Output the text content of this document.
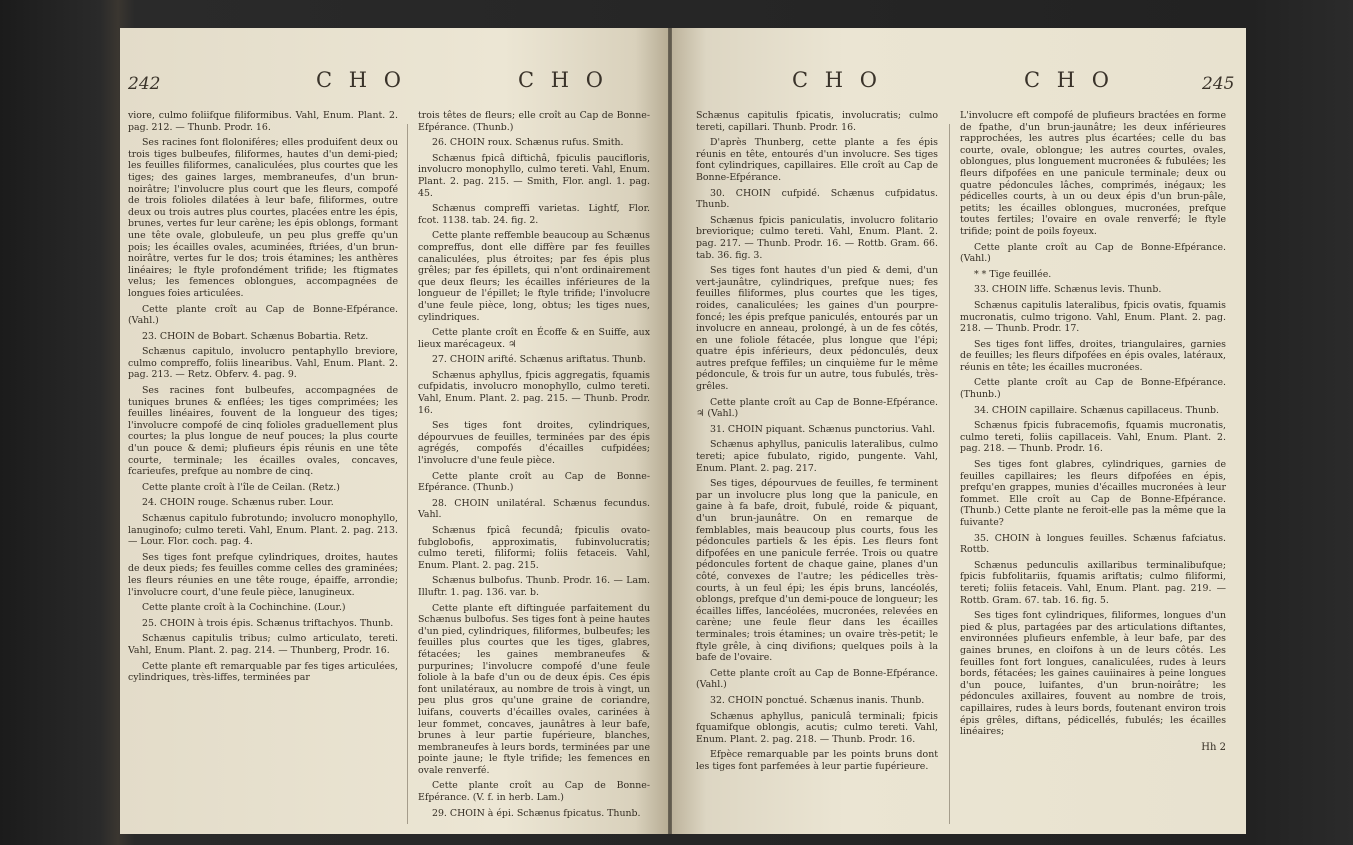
242	C H O	C H O

viore, culmo foliifque filiformibus. Vahl, Enum. Plant. 2. pag. 212. — Thunb. Prodr. 16.

Ses racines font floloniféres; elles produifent deux ou trois tiges bulbeufes, filiformes, hautes d'un demi-pied; les feuilles filiformes, canaliculées, plus courtes que les tiges; des gaines larges, membraneufes, d'un brun-noirâtre; l'involucre plus court que les fleurs, compofé de trois folioles dilatées à leur bafe, filiformes, outre deux ou trois autres plus courtes, placées entre les épis, brunes, vertes fur leur carène; les épis oblongs, formant une tête ovale, globuleufe, un peu plus greffe qu'un pois; les écailles ovales, acuminées, ftriées, d'un brun-noirâtre, vertes fur le dos; trois étamines; les anthères linéaires; le ftyle profondément trifide; les ftigmates velus; les femences oblongues, accompagnées de longues foies articulées.

Cette plante croît au Cap de Bonne-Efpérance. (Vahl.)

23. CHOIN de Bobart. Schænus Bobartia. Retz.

Schænus capitulo, involucro pentaphyllo breviore, culmo compreffo, foliis linearibus. Vahl, Enum. Plant. 2. pag. 213. — Retz. Obferv. 4. pag. 9.

Ses racines font bulbeufes, accompagnées de tuniques brunes & enflées; les tiges comprimées; les feuilles linéaires, fouvent de la longueur des tiges; l'involucre compofé de cinq folioles graduellement plus courtes; la plus longue de neuf pouces; la plus courte d'un pouce & demi; plufieurs épis réunis en une tête courte, terminale; les écailles ovales, concaves, fcarieufes, prefque au nombre de cinq.

Cette plante croît à l'île de Ceilan. (Retz.)

24. CHOIN rouge. Schænus ruber. Lour.

Schænus capitulo fubrotundo; involucro monophyllo, lanuginofo; culmo tereti. Vahl, Enum. Plant. 2. pag. 213. — Lour. Flor. coch. pag. 4.

Ses tiges font prefque cylindriques, droites, hautes de deux pieds; fes feuilles comme celles des graminées; les fleurs réunies en une tête rouge, épaiffe, arrondie; l'involucre court, d'une feule pièce, lanugineux.

Cette plante croît à la Cochinchine. (Lour.)

25. CHOIN à trois épis. Schænus triftachyos. Thunb.

Schænus capitulis tribus; culmo articulato, tereti. Vahl, Enum. Plant. 2. pag. 214. — Thunberg, Prodr. 16.

Cette plante eft remarquable par fes tiges articulées, cylindriques, très-liffes, terminées par

trois têtes de fleurs; elle croît au Cap de Bonne-Efpérance. (Thunb.)

26. CHOIN roux. Schænus rufus. Smith.

Schænus fpicâ diftichâ, fpiculis paucifloris, involucro monophyllo, culmo tereti. Vahl, Enum. Plant. 2. pag. 215. — Smith, Flor. angl. 1. pag. 45.

Schænus compreffi varietas. Lightf, Flor. fcot. 1138. tab. 24. fig. 2.

Cette plante reffemble beaucoup au Schænus compreffus, dont elle diffère par fes feuilles canaliculées, plus étroites; par fes épis plus grêles; par fes épillets, qui n'ont ordinairement que deux fleurs; les écailles inférieures de la longueur de l'épillet; le ftyle trifide; l'involucre d'une feule pièce, long, obtus; les tiges nues, cylindriques.

Cette plante croît en Écoffe & en Suiffe, aux lieux marécageux. ♃

27. CHOIN arifté. Schænus ariftatus. Thunb.

Schænus aphyllus, fpicis aggregatis, fquamis cufpidatis, involucro monophyllo, culmo tereti. Vahl, Enum. Plant. 2. pag. 215. — Thunb. Prodr. 16.

Ses tiges font droites, cylindriques, dépourvues de feuilles, terminées par des épis agrégés, compofés d'écailles cufpidées; l'involucre d'une feule pièce.

Cette plante croît au Cap de Bonne-Efpérance. (Thunb.)

28. CHOIN unilatéral. Schænus fecundus. Vahl.

Schænus fpicâ fecundâ; fpiculis ovato-fubglobofis, approximatis, fubinvolucratis; culmo tereti, filiformi; foliis fetaceis. Vahl, Enum. Plant. 2. pag. 215.

Schænus bulbofus. Thunb. Prodr. 16. — Lam. Illuftr. 1. pag. 136. var. b.

Cette plante eft diftinguée parfaitement du Schænus bulbofus. Ses tiges font à peine hautes d'un pied, cylindriques, filiformes, bulbeufes; les feuilles plus courtes que les tiges, glabres, fétacées; les gaines membraneufes & purpurines; l'involucre compofé d'une feule foliole à la bafe d'un ou de deux épis. Ces épis font unilatéraux, au nombre de trois à vingt, un peu plus gros qu'une graine de coriandre, luifans, couverts d'écailles ovales, carinées à leur fommet, concaves, jaunâtres à leur bafe, brunes à leur partie fupérieure, blanches, membraneufes à leurs bords, terminées par une pointe jaune; le ftyle trifide; les femences en ovale renverfé.

Cette plante croît au Cap de Bonne-Efpérance. (V. f. in herb. Lam.)

29. CHOIN à épi. Schænus fpicatus. Thunb.

C H O	C H O	245

Schænus capitulis fpicatis, involucratis; culmo tereti, capillari. Thunb. Prodr. 16.

D'après Thunberg, cette plante a fes épis réunis en tête, entourés d'un involucre. Ses tiges font cylindriques, capillaires. Elle croît au Cap de Bonne-Efpérance.

30. CHOIN cufpidé. Schænus cufpidatus. Thunb.

Schænus fpicis paniculatis, involucro folitario breviorique; culmo tereti. Vahl, Enum. Plant. 2. pag. 217. — Thunb. Prodr. 16. — Rottb. Gram. 66. tab. 36. fig. 3.

Ses tiges font hautes d'un pied & demi, d'un vert-jaunâtre, cylindriques, prefque nues; fes feuilles filiformes, plus courtes que les tiges, roides, canaliculées; les gaines d'un pourpre-foncé; les épis prefque paniculés, entourés par un involucre en anneau, prolongé, à un de fes côtés, en une foliole fétacée, plus longue que l'épi; quatre épis inférieurs, deux pédonculés, deux autres prefque feffiles; un cinquième fur le même pédoncule, & trois fur un autre, tous fubulés, très-grêles.

Cette plante croît au Cap de Bonne-Efpérance. ♃ (Vahl.)

31. CHOIN piquant. Schænus punctorius. Vahl.

Schænus aphyllus, paniculis lateralibus, culmo tereti; apice fubulato, rigido, pungente. Vahl, Enum. Plant. 2. pag. 217.

Ses tiges, dépourvues de feuilles, fe terminent par un involucre plus long que la panicule, en gaine à fa bafe, droit, fubulé, roide & piquant, d'un brun-jaunâtre. On en remarque de femblables, mais beaucoup plus courts, fous les pédoncules partiels & les épis. Les fleurs font difpofées en une panicule ferrée. Trois ou quatre pédoncules fortent de chaque gaine, planes d'un côté, convexes de l'autre; les pédicelles très-courts, à un feul épi; les épis bruns, lancéolés, oblongs, prefque d'un demi-pouce de longueur; les écailles liffes, lancéolées, mucronées, relevées en carène; une feule fleur dans les écailles terminales; trois étamines; un ovaire très-petit; le ftyle grêle, à cinq divifions; quelques poils à la bafe de l'ovaire.

Cette plante croît au Cap de Bonne-Efpérance. (Vahl.)

32. CHOIN ponctué. Schænus inanis. Thunb.

Schænus aphyllus, paniculâ terminali; fpicis fquamifque oblongis, acutis; culmo tereti. Vahl, Enum. Plant. 2. pag. 218. — Thunb. Prodr. 16.

Efpèce remarquable par les points bruns dont les tiges font parfemées à leur partie fupérieure.

L'involucre eft compofé de plufieurs bractées en forme de fpathe, d'un brun-jaunâtre; les deux inférieures rapprochées, les autres plus écartées; celle du bas courte, ovale, oblongue; les autres courtes, ovales, oblongues, plus longuement mucronées & fubulées; les fleurs difpofées en une panicule terminale; deux ou quatre pédoncules lâches, comprimés, inégaux; les pédicelles courts, à un ou deux épis d'un brun-pâle, petits; les écailles oblongues, mucronées, prefque toutes fertiles; l'ovaire en ovale renverfé; le ftyle trifide; point de poils foyeux.

Cette plante croît au Cap de Bonne-Efpérance. (Vahl.)

* * Tige feuillée.

33. CHOIN liffe. Schænus levis. Thunb.

Schænus capitulis lateralibus, fpicis ovatis, fquamis mucronatis, culmo trigono. Vahl, Enum. Plant. 2. pag. 218. — Thunb. Prodr. 17.

Ses tiges font liffes, droites, triangulaires, garnies de feuilles; les fleurs difpofées en épis ovales, latéraux, réunis en tête; les écailles mucronées.

Cette plante croît au Cap de Bonne-Efpérance. (Thunb.)

34. CHOIN capillaire. Schænus capillaceus. Thunb.

Schænus fpicis fubracemofis, fquamis mucronatis, culmo tereti, foliis capillaceis. Vahl, Enum. Plant. 2. pag. 218. — Thunb. Prodr. 16.

Ses tiges font glabres, cylindriques, garnies de feuilles capillaires; les fleurs difpofées en épis, prefqu'en grappes, munies d'écailles mucronées à leur fommet. Elle croît au Cap de Bonne-Efpérance. (Thunb.) Cette plante ne feroit-elle pas la même que la fuivante?

35. CHOIN à longues feuilles. Schænus fafciatus. Rottb.

Schænus pedunculis axillaribus terminalibufque; fpicis fubfolitariis, fquamis ariftatis; culmo filiformi, tereti; foliis fetaceis. Vahl, Enum. Plant. pag. 219. — Rottb. Gram. 67. tab. 16. fig. 5.

Ses tiges font cylindriques, filiformes, longues d'un pied & plus, partagées par des articulations diftantes, environnées plufieurs enfemble, à leur bafe, par des gaines brunes, en cloifons à un de leurs côtés. Les feuilles font fort longues, canaliculées, rudes à leurs bords, fétacées; les gaines cauiinaires à peine longues d'un pouce, luifantes, d'un brun-noirâtre; les pédoncules axillaires, fouvent au nombre de trois, capillaires, rudes à leurs bords, foutenant environ trois épis grêles, diftans, pédicellés, fubulés; les écailles linéaires;

Hh 2
